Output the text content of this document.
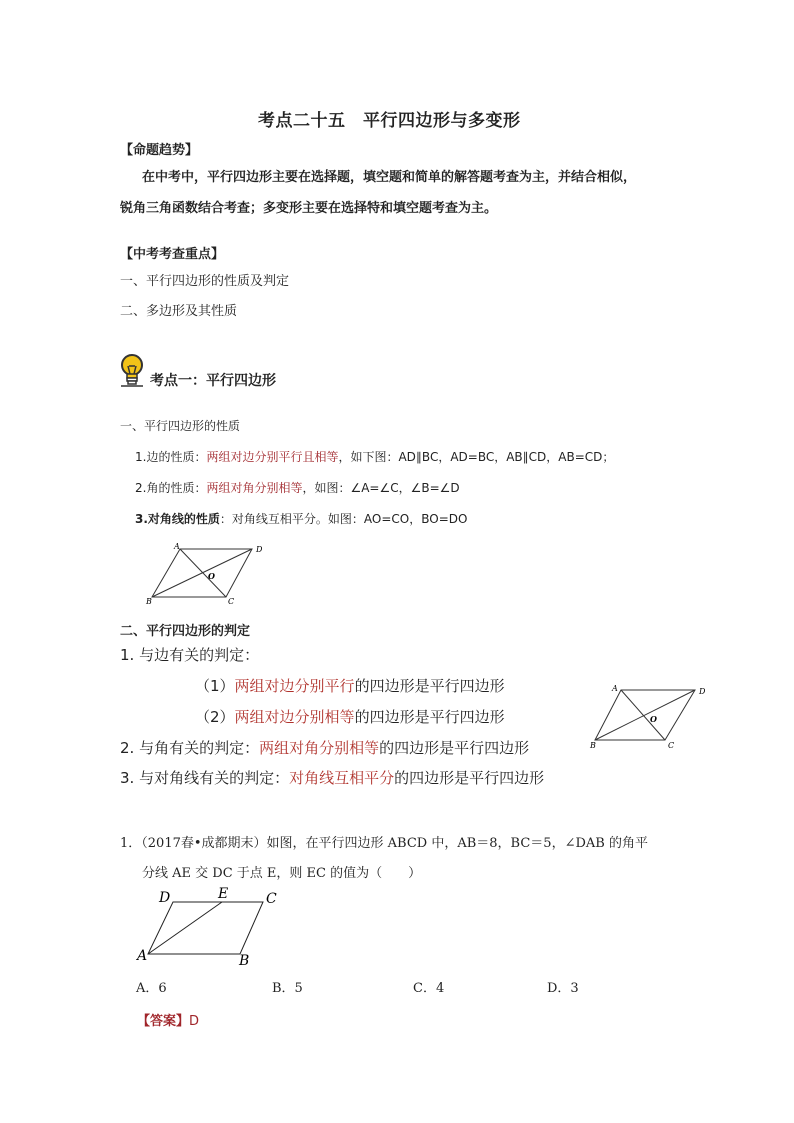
考点二十五　平行四边形与多变形
【命题趋势】
在中考中，平行四边形主要在选择题，填空题和简单的解答题考查为主，并结合相似，
锐角三角函数结合考查；多变形主要在选择特和填空题考查为主。
【中考考查重点】
一、平行四边形的性质及判定
二、多边形及其性质
考点一：平行四边形
一、平行四边形的性质
1.边的性质：两组对边分别平行且相等，如下图：AD∥BC，AD=BC，AB∥CD，AB=CD；
2.角的性质：两组对角分别相等，如图：∠A=∠C，∠B=∠D
3.对角线的性质：对角线互相平分。如图：AO=CO，BO=DO
A	D
B	C
O
二、平行四边形的判定
1. 与边有关的判定：
（1）两组对边分别平行的四边形是平行四边形
（2）两组对边分别相等的四边形是平行四边形
2. 与角有关的判定：两组对角分别相等的四边形是平行四边形
3. 与对角线有关的判定：对角线互相平分的四边形是平行四边形
A	D
B	C
O
1．（2017春•成都期末）如图，在平行四边形 ABCD 中，AB＝8，BC＝5，∠DAB 的角平
分线 AE 交 DC 于点 E，则 EC 的值为（　　）
D	E	C
A	B
A．6	B．5	C．4	D．3
【答案】D
